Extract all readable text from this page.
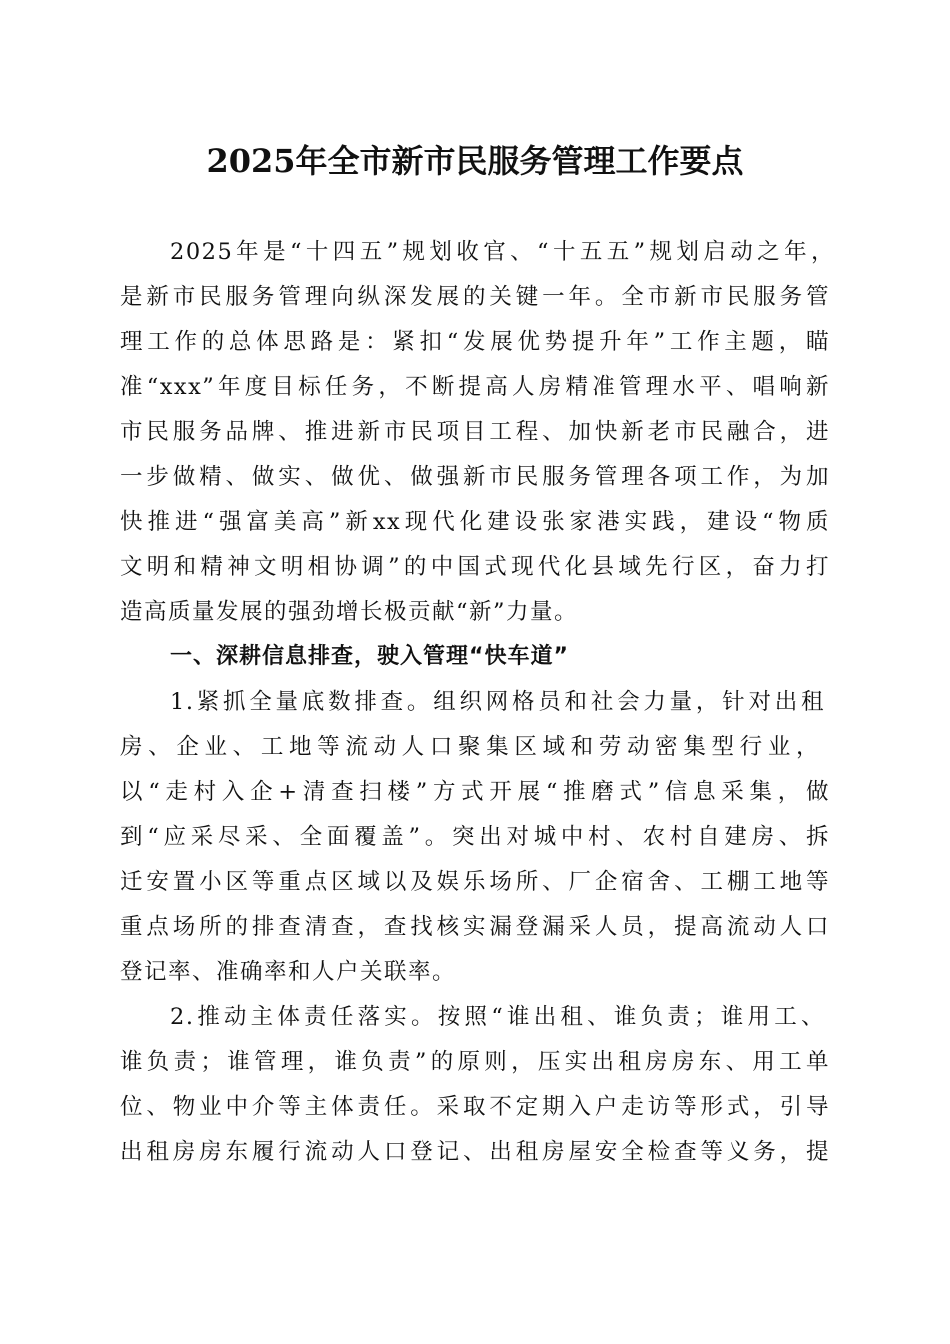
2025年全市新市民服务管理工作要点
2025年是“十四五”规划收官、“十五五”规划启动之年，
是新市民服务管理向纵深发展的关键一年。全市新市民服务管
理工作的总体思路是：紧扣“发展优势提升年”工作主题，瞄
准“xxx”年度目标任务，不断提高人房精准管理水平、唱响新
市民服务品牌、推进新市民项目工程、加快新老市民融合，进
一步做精、做实、做优、做强新市民服务管理各项工作，为加
快推进“强富美高”新xx现代化建设张家港实践，建设“物质
文明和精神文明相协调”的中国式现代化县域先行区，奋力打
造高质量发展的强劲增长极贡献“新”力量。
一、深耕信息排查，驶入管理“快车道”
1.紧抓全量底数排查。组织网格员和社会力量，针对出租
房、企业、工地等流动人口聚集区域和劳动密集型行业，
以“走村入企+清查扫楼”方式开展“推磨式”信息采集，做
到“应采尽采、全面覆盖”。突出对城中村、农村自建房、拆
迁安置小区等重点区域以及娱乐场所、厂企宿舍、工棚工地等
重点场所的排查清查，查找核实漏登漏采人员，提高流动人口
登记率、准确率和人户关联率。
2.推动主体责任落实。按照“谁出租、谁负责；谁用工、
谁负责；谁管理，谁负责”的原则，压实出租房房东、用工单
位、物业中介等主体责任。采取不定期入户走访等形式，引导
出租房房东履行流动人口登记、出租房屋安全检查等义务，提
